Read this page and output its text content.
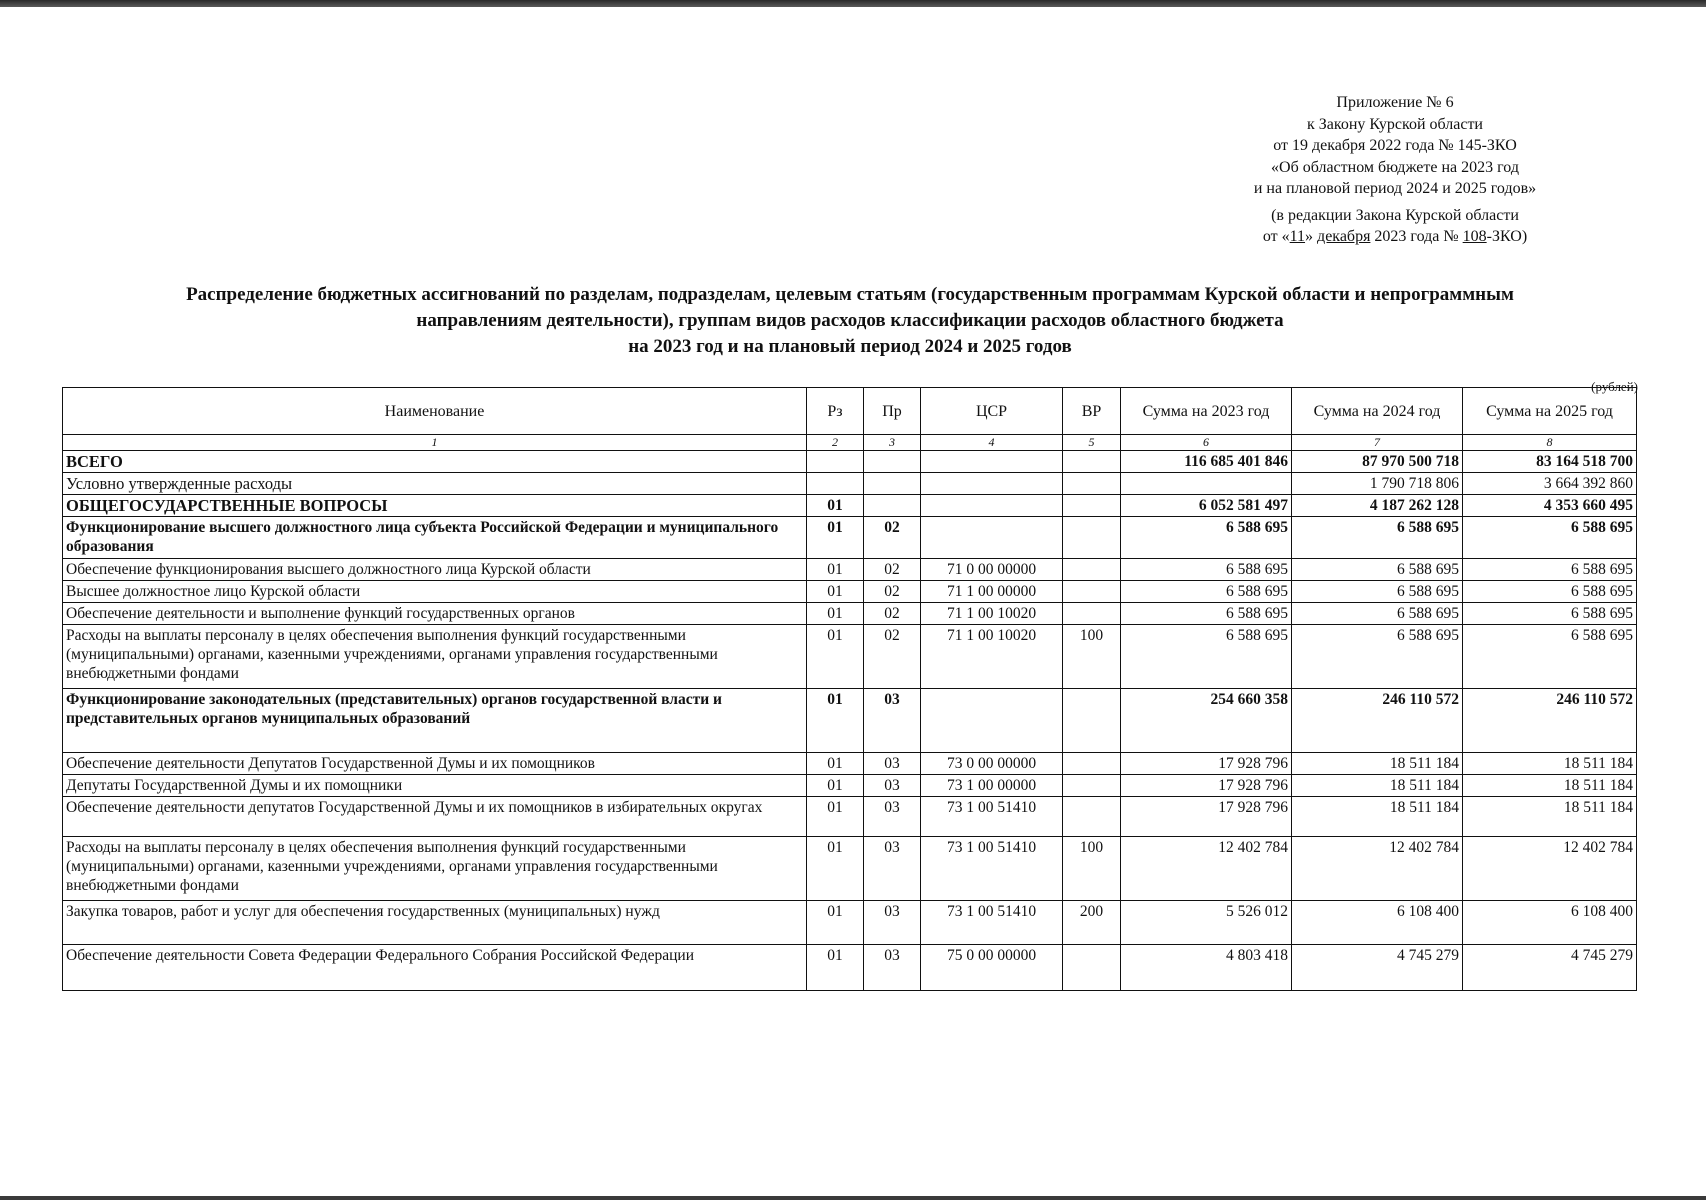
Приложение № 6
к Закону Курской области
от 19 декабря 2022 года № 145-ЗКО
«Об областном бюджете на 2023 год
и на плановой период 2024 и 2025 годов»
(в редакции Закона Курской области
от «11» декабря 2023 года № 108-ЗКО)
Распределение бюджетных ассигнований по разделам, подразделам, целевым статьям (государственным программам Курской области и непрограммным
направлениям деятельности), группам видов расходов классификации расходов областного бюджета
на 2023 год и на плановый период 2024 и 2025 годов
(рублей)
Наименование	Рз	Пр	ЦСР	ВР	Сумма на 2023 год	Сумма на 2024 год	Сумма на 2025 год
1	2	3	4	5	6	7	8
ВСЕГО					116 685 401 846	87 970 500 718	83 164 518 700
Условно утвержденные расходы						1 790 718 806	3 664 392 860
ОБЩЕГОСУДАРСТВЕННЫЕ ВОПРОСЫ	01				6 052 581 497	4 187 262 128	4 353 660 495
Функционирование высшего должностного лица субъекта Российской Федерации и муниципального образования	01	02			6 588 695	6 588 695	6 588 695
Обеспечение функционирования высшего должностного лица Курской области	01	02	71 0 00 00000		6 588 695	6 588 695	6 588 695
Высшее должностное лицо Курской области	01	02	71 1 00 00000		6 588 695	6 588 695	6 588 695
Обеспечение деятельности и выполнение функций государственных органов	01	02	71 1 00 10020		6 588 695	6 588 695	6 588 695
Расходы на выплаты персоналу в целях обеспечения выполнения функций государственными (муниципальными) органами, казенными учреждениями, органами управления государственными внебюджетными фондами	01	02	71 1 00 10020	100	6 588 695	6 588 695	6 588 695
Функционирование законодательных (представительных) органов государственной власти и представительных органов муниципальных образований	01	03			254 660 358	246 110 572	246 110 572
Обеспечение деятельности Депутатов Государственной Думы и их помощников	01	03	73 0 00 00000		17 928 796	18 511 184	18 511 184
Депутаты Государственной Думы и их помощники	01	03	73 1 00 00000		17 928 796	18 511 184	18 511 184
Обеспечение деятельности депутатов Государственной Думы и их помощников в избирательных округах	01	03	73 1 00 51410		17 928 796	18 511 184	18 511 184
Расходы на выплаты персоналу в целях обеспечения выполнения функций государственными (муниципальными) органами, казенными учреждениями, органами управления государственными внебюджетными фондами	01	03	73 1 00 51410	100	12 402 784	12 402 784	12 402 784
Закупка товаров, работ и услуг для обеспечения государственных (муниципальных) нужд	01	03	73 1 00 51410	200	5 526 012	6 108 400	6 108 400
Обеспечение деятельности Совета Федерации Федерального Собрания Российской Федерации	01	03	75 0 00 00000		4 803 418	4 745 279	4 745 279
